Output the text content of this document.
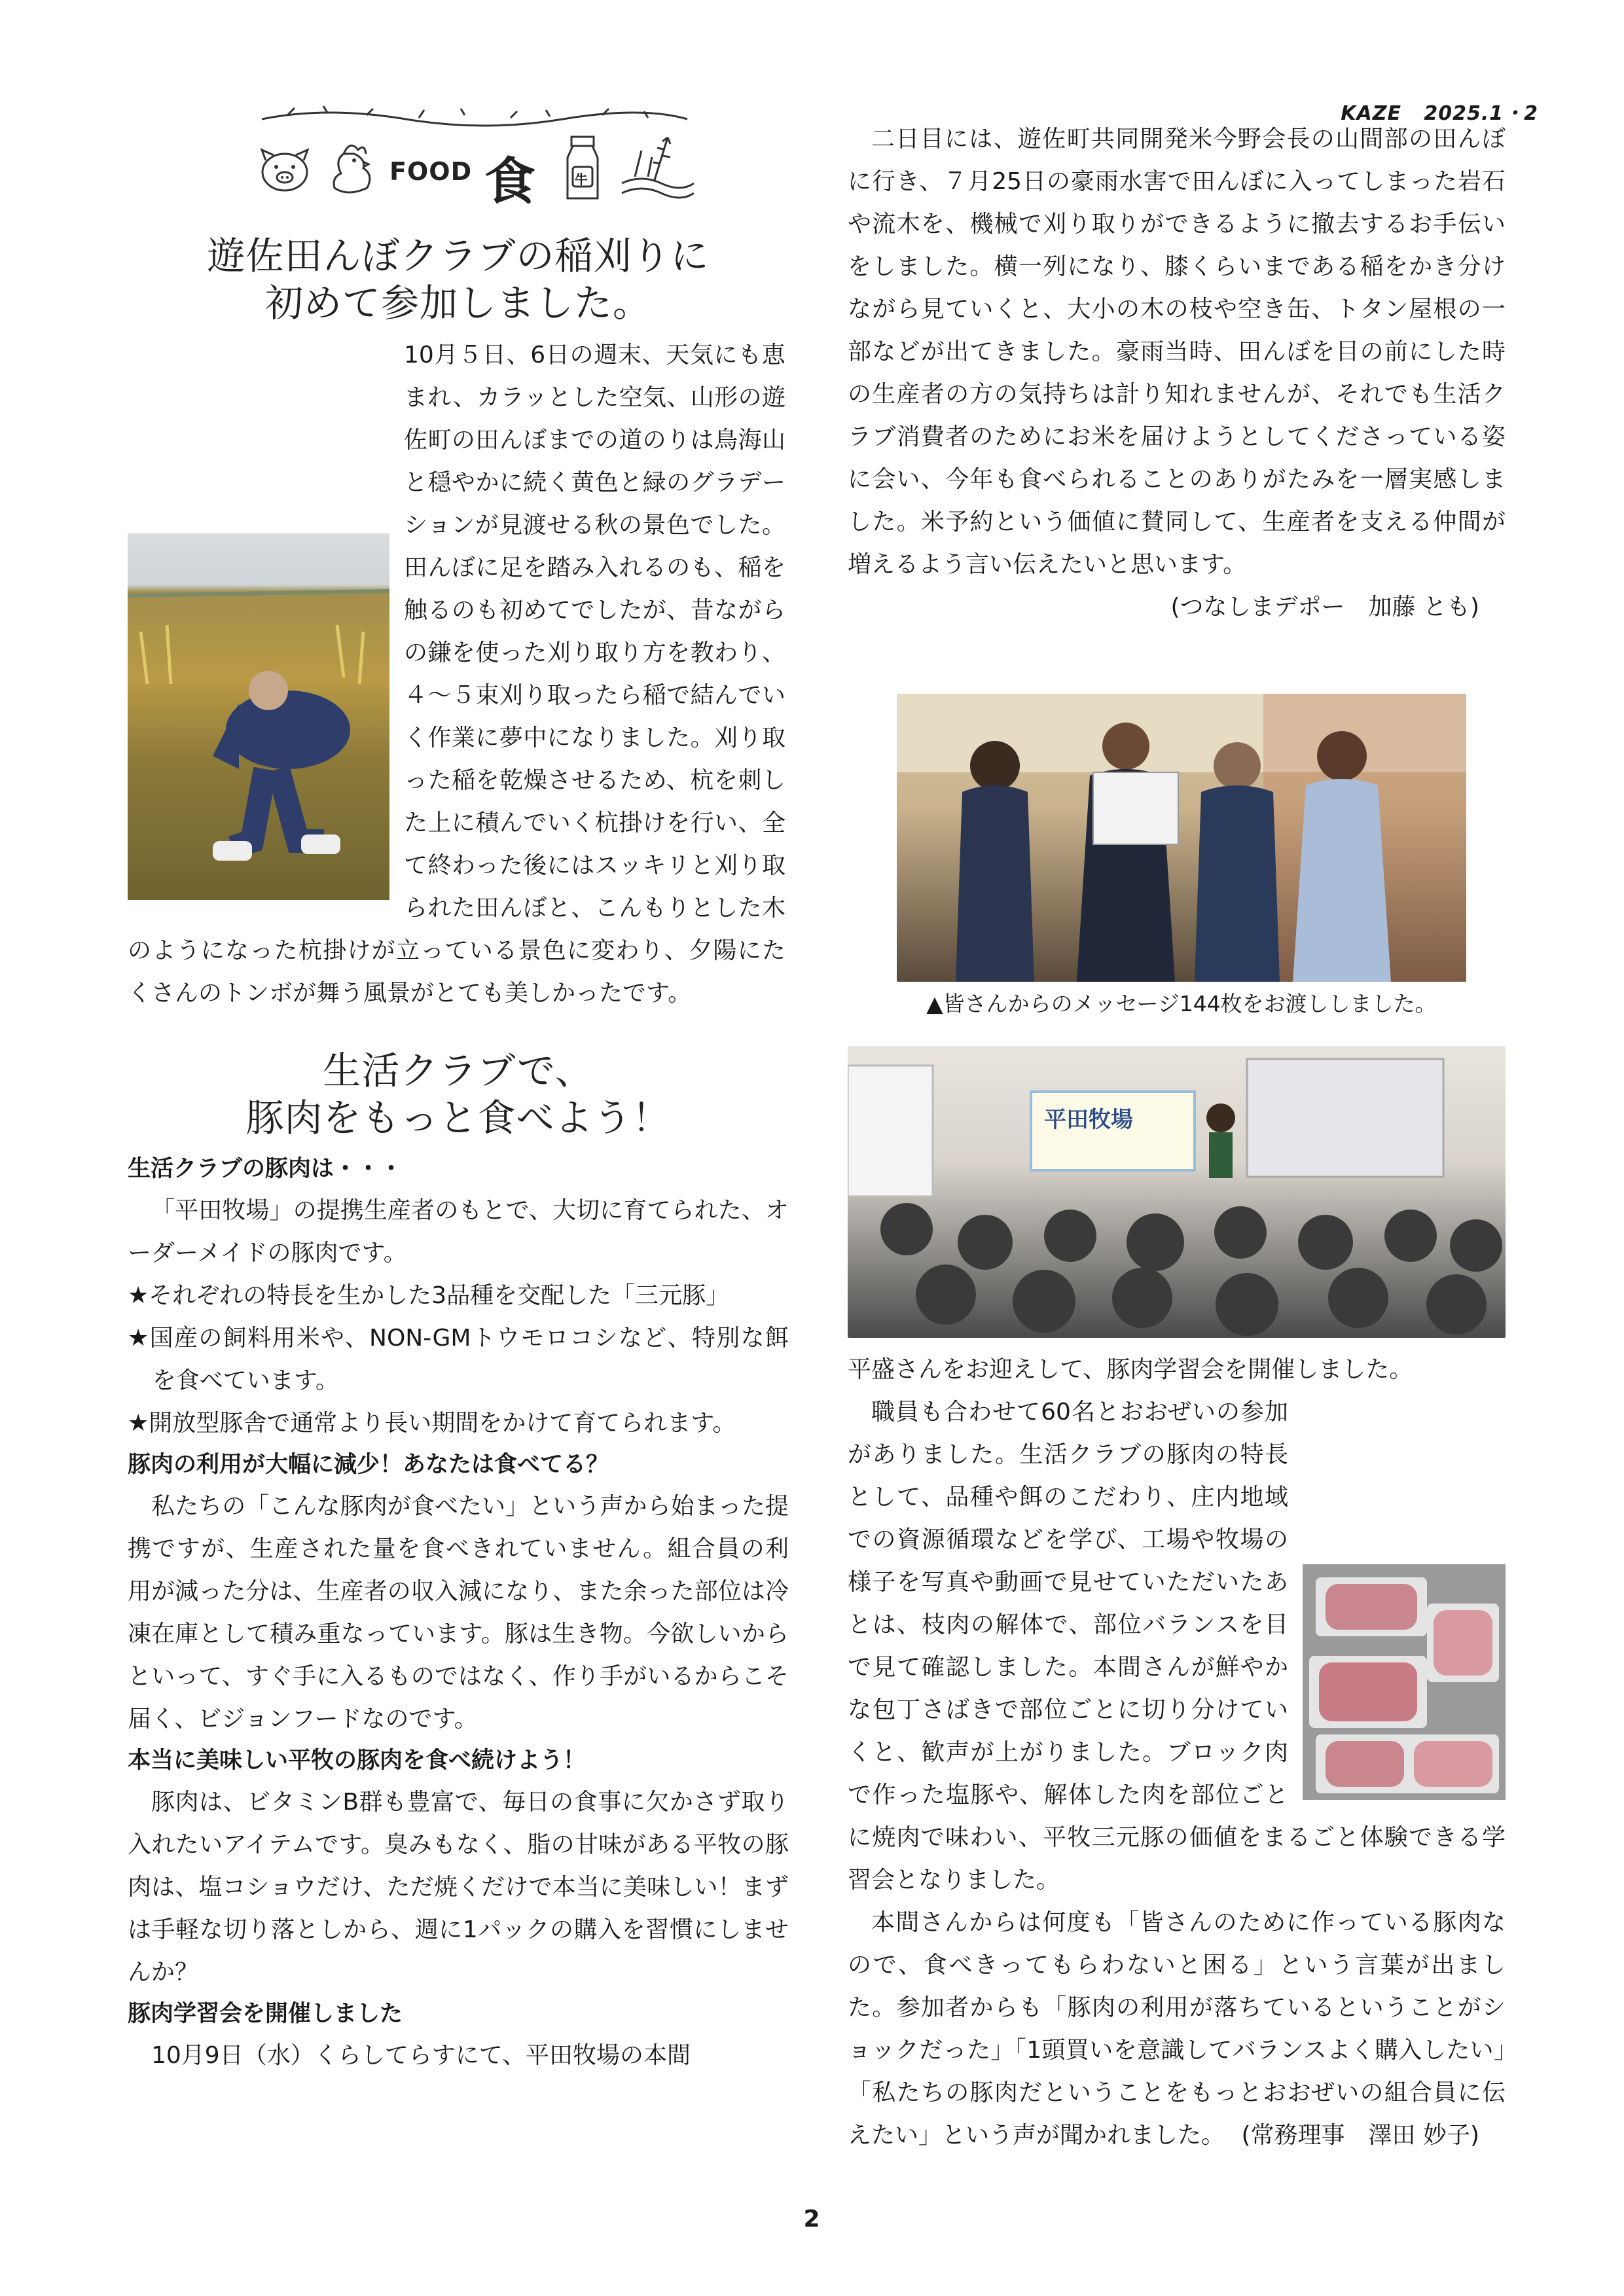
KAZE 2025.1・2
FOOD 食	牛
遊佐田んぼクラブの稲刈りに
初めて参加しました。

10月５日、6日の週末、天気にも恵まれ、カラッとした空気、山形の遊佐町の田んぼまでの道のりは鳥海山と穏やかに続く黄色と緑のグラデーションが見渡せる秋の景色でした。田んぼに足を踏み入れるのも、稲を触るのも初めてでしたが、昔ながらの鎌を使った刈り取り方を教わり、４～５束刈り取ったら稲で結んでいく作業に夢中になりました。刈り取った稲を乾燥させるため、杭を刺した上に積んでいく杭掛けを行い、全て終わった後にはスッキリと刈り取られた田んぼと、こんもりとした木のようになった杭掛けが立っている景色に変わり、夕陽にたくさんのトンボが舞う風景がとても美しかったです。

二日目には、遊佐町共同開発米今野会長の山間部の田んぼに行き、７月25日の豪雨水害で田んぼに入ってしまった岩石や流木を、機械で刈り取りができるように撤去するお手伝いをしました。横一列になり、膝くらいまである稲をかき分けながら見ていくと、大小の木の枝や空き缶、トタン屋根の一部などが出てきました。豪雨当時、田んぼを目の前にした時の生産者の方の気持ちは計り知れませんが、それでも生活クラブ消費者のためにお米を届けようとしてくださっている姿に会い、今年も食べられることのありがたみを一層実感しました。米予約という価値に賛同して、生産者を支える仲間が増えるよう言い伝えたいと思います。

(つなしまデポー　加藤 とも)
▲皆さんからのメッセージ144枚をお渡ししました。
平田牧場
生活クラブで、
豚肉をもっと食べよう！

生活クラブの豚肉は・・・

「平田牧場」の提携生産者のもとで、大切に育てられた、オーダーメイドの豚肉です。

★それぞれの特長を生かした3品種を交配した「三元豚」

★国産の飼料用米や、NON-GMトウモロコシなど、特別な餌を食べています。

★開放型豚舎で通常より長い期間をかけて育てられます。

豚肉の利用が大幅に減少！あなたは食べてる？

私たちの「こんな豚肉が食べたい」という声から始まった提携ですが、生産された量を食べきれていません。組合員の利用が減った分は、生産者の収入減になり、また余った部位は冷凍在庫として積み重なっています。豚は生き物。今欲しいからといって、すぐ手に入るものではなく、作り手がいるからこそ届く、ビジョンフードなのです。

本当に美味しい平牧の豚肉を食べ続けよう！

豚肉は、ビタミンB群も豊富で、毎日の食事に欠かさず取り入れたいアイテムです。臭みもなく、脂の甘味がある平牧の豚肉は、塩コショウだけ、ただ焼くだけで本当に美味しい！まずは手軽な切り落としから、週に1パックの購入を習慣にしませんか？

豚肉学習会を開催しました

10月9日（水）くらしてらすにて、平田牧場の本間

平盛さんをお迎えして、豚肉学習会を開催しました。

職員も合わせて60名とおおぜいの参加がありました。生活クラブの豚肉の特長として、品種や餌のこだわり、庄内地域での資源循環などを学び、工場や牧場の様子を写真や動画で見せていただいたあとは、枝肉の解体で、部位バランスを目で見て確認しました。本間さんが鮮やかな包丁さばきで部位ごとに切り分けていくと、歓声が上がりました。ブロック肉で作った塩豚や、解体した肉を部位ごとに焼肉で味わい、平牧三元豚の価値をまるごと体験できる学習会となりました。

本間さんからは何度も「皆さんのために作っている豚肉なので、食べきってもらわないと困る」という言葉が出ました。参加者からも「豚肉の利用が落ちているということがショックだった」「1頭買いを意識してバランスよく購入したい」「私たちの豚肉だということをもっとおおぜいの組合員に伝えたい」という声が聞かれました。 (常務理事　澤田 妙子)
2
